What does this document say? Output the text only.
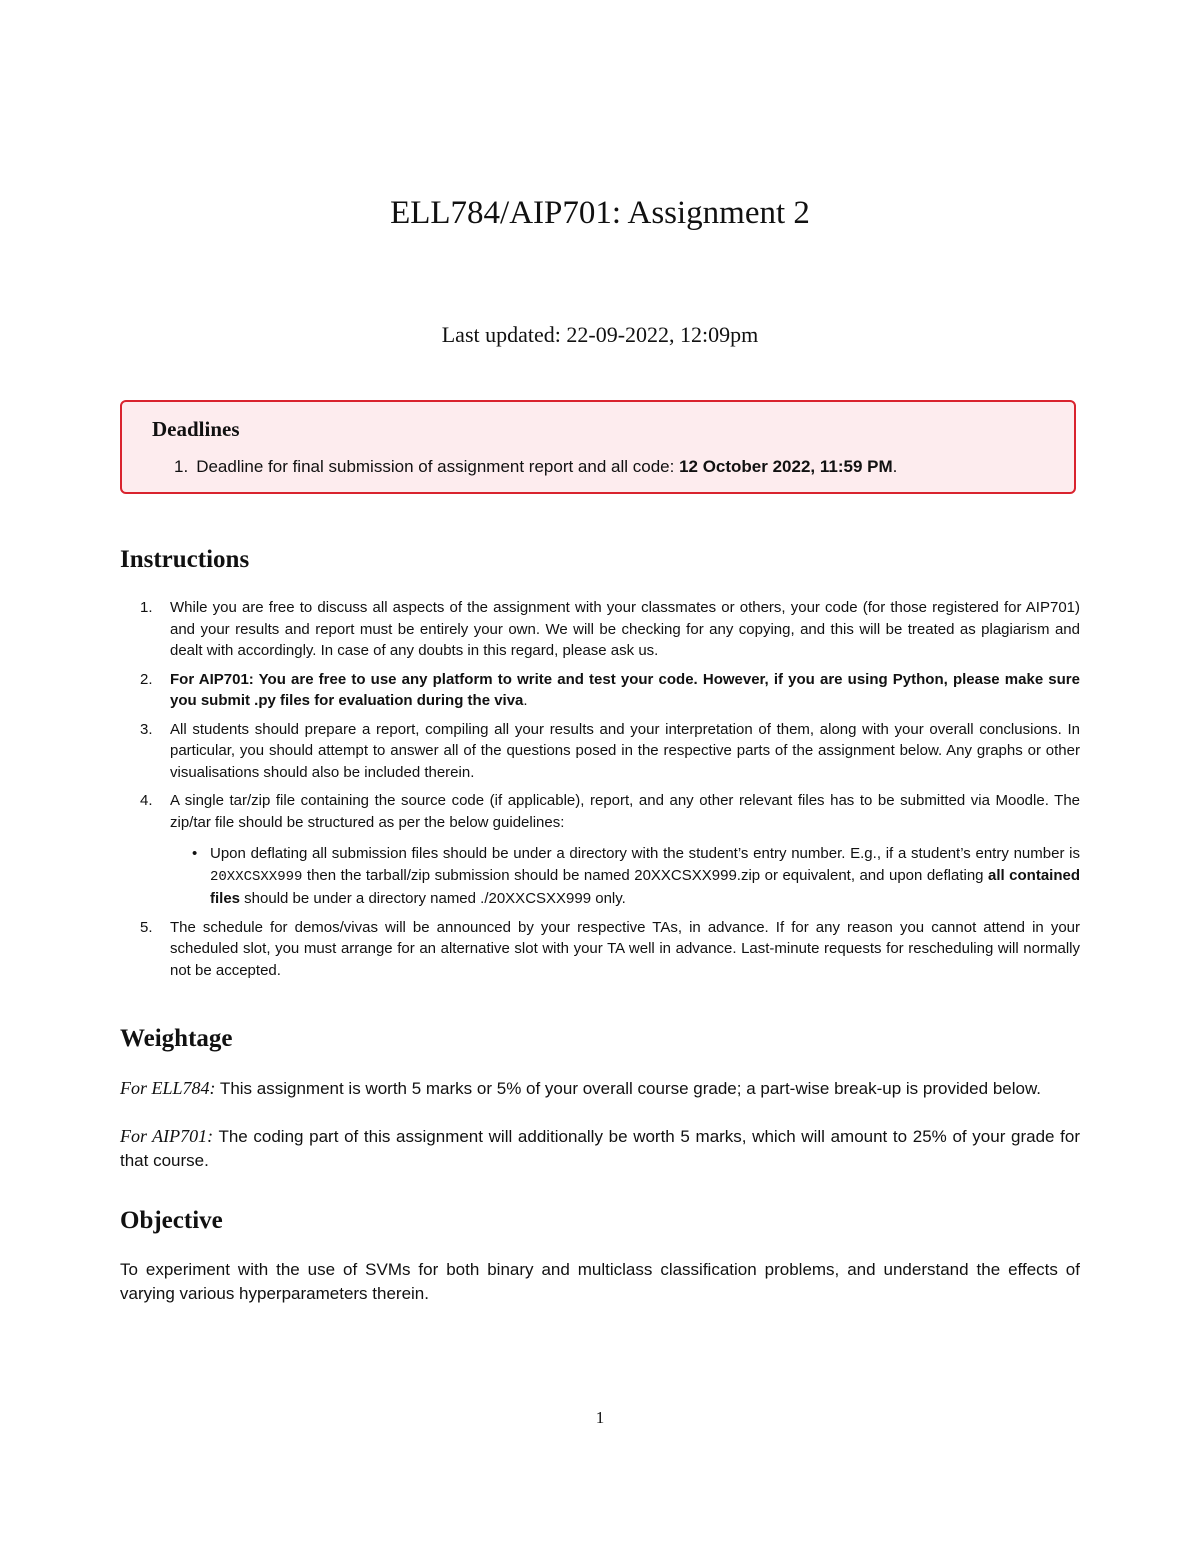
ELL784/AIP701: Assignment 2

Last updated: 22-09-2022, 12:09pm

Deadlines

1. Deadline for final submission of assignment report and all code: 12 October 2022, 11:59 PM.

Instructions
1. While you are free to discuss all aspects of the assignment with your classmates or others, your code (for those registered for AIP701) and your results and report must be entirely your own. We will be checking for any copying, and this will be treated as plagiarism and dealt with accordingly. In case of any doubts in this regard, please ask us.
2. For AIP701: You are free to use any platform to write and test your code. However, if you are using Python, please make sure you submit .py files for evaluation during the viva.
3. All students should prepare a report, compiling all your results and your interpretation of them, along with your overall conclusions. In particular, you should attempt to answer all of the questions posed in the respective parts of the assignment below. Any graphs or other visualisations should also be included therein.
4. A single tar/zip file containing the source code (if applicable), report, and any other relevant files has to be submitted via Moodle. The zip/tar file should be structured as per the below guidelines:
• Upon deflating all submission files should be under a directory with the student’s entry number. E.g., if a student’s entry number is 20XXCSXX999 then the tarball/zip submission should be named 20XXCSXX999.zip or equivalent, and upon deflating all contained files should be under a directory named ./20XXCSXX999 only.
5. The schedule for demos/vivas will be announced by your respective TAs, in advance. If for any reason you cannot attend in your scheduled slot, you must arrange for an alternative slot with your TA well in advance. Last-minute requests for rescheduling will normally not be accepted.
Weightage

For ELL784: This assignment is worth 5 marks or 5% of your overall course grade; a part-wise break-up is provided below.

For AIP701: The coding part of this assignment will additionally be worth 5 marks, which will amount to 25% of your grade for that course.

Objective

To experiment with the use of SVMs for both binary and multiclass classification problems, and understand the effects of varying various hyperparameters therein.

1
